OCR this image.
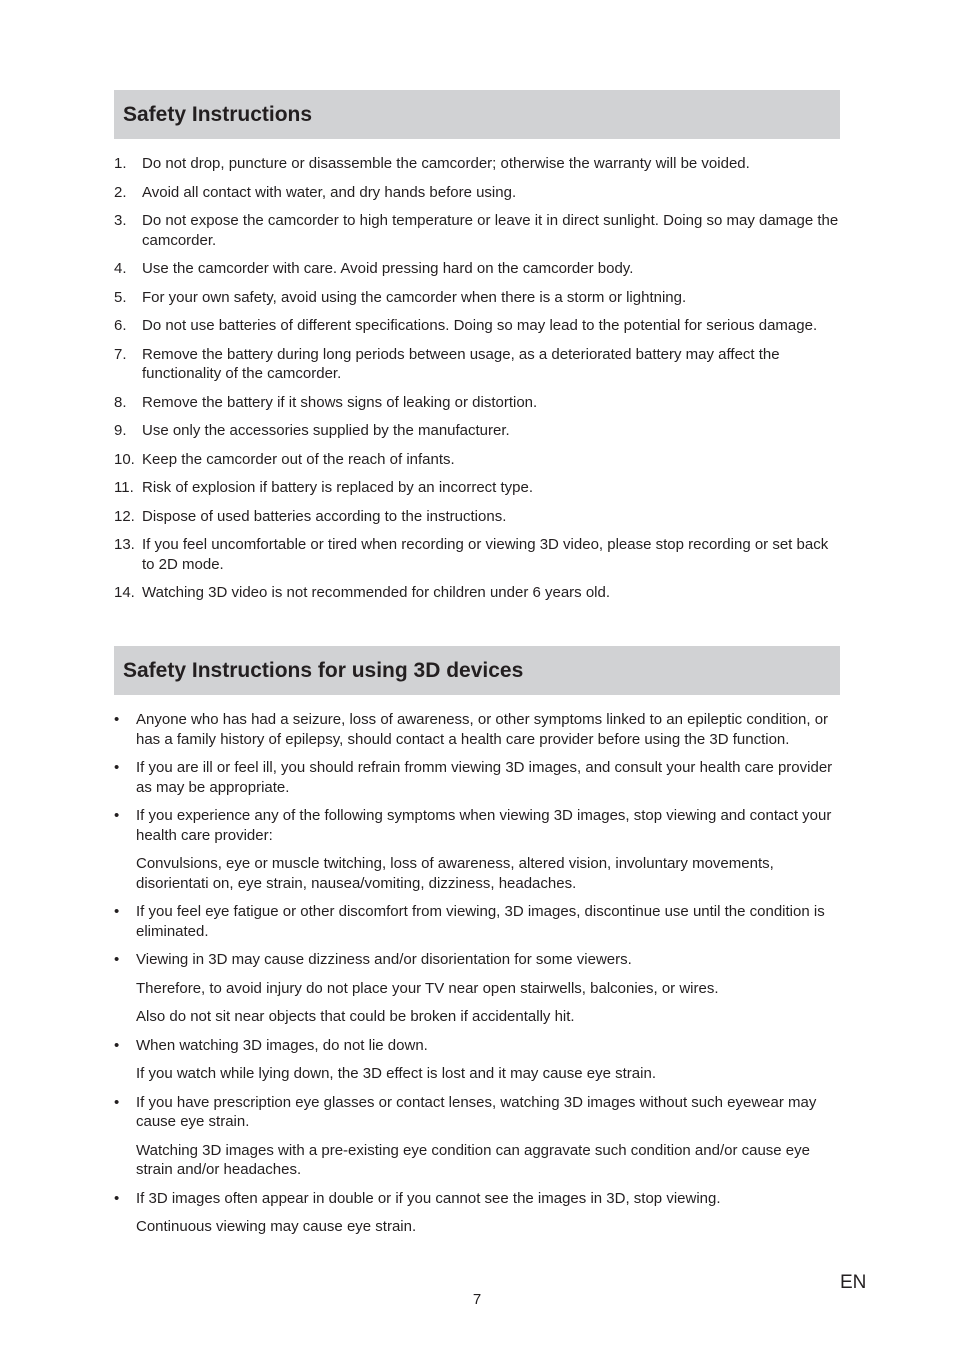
Safety Instructions
1. Do not drop, puncture or disassemble the camcorder; otherwise the warranty will be voided.
2. Avoid all contact with water, and dry hands before using.
3. Do not expose the camcorder to high temperature or leave it in direct sunlight. Doing so may damage the camcorder.
4. Use the camcorder with care. Avoid pressing hard on the camcorder body.
5. For your own safety, avoid using the camcorder when there is a storm or lightning.
6. Do not use batteries of different specifications. Doing so may lead to the potential for serious damage.
7. Remove the battery during long periods between usage, as a deteriorated battery may affect the functionality of the camcorder.
8. Remove the battery if it shows signs of leaking or distortion.
9. Use only the accessories supplied by the manufacturer.
10. Keep the camcorder out of the reach of infants.
11. Risk of explosion if battery is replaced by an incorrect type.
12. Dispose of used batteries according to the instructions.
13. If you feel uncomfortable or tired when recording or viewing 3D video, please stop recording or set back to 2D mode.
14. Watching 3D video is not recommended for children under 6 years old.
Safety Instructions for using 3D devices
• Anyone who has had a seizure, loss of awareness, or other symptoms linked to an epileptic condition, or has a family history of epilepsy, should contact a health care provider before using the 3D function.
• If you are ill or feel ill, you should refrain fromm viewing 3D images, and consult your health care provider as may be appropriate.
• If you experience any of the following symptoms when viewing 3D images, stop viewing and contact your health care provider:
Convulsions, eye or muscle twitching, loss of awareness, altered vision, involuntary movements, disorientati on, eye strain, nausea/vomiting, dizziness, headaches.
• If you feel eye fatigue or other discomfort from viewing, 3D images, discontinue use until the condition is eliminated.
• Viewing in 3D may cause dizziness and/or disorientation for some viewers.
Therefore, to avoid injury do not place your TV near open stairwells, balconies, or wires.
Also do not sit near objects that could be broken if accidentally hit.
• When watching 3D images, do not lie down.
If you watch while lying down, the 3D effect is lost and it may cause eye strain.
• If you have prescription eye glasses or contact lenses, watching 3D images without such eyewear may cause eye strain.
Watching 3D images with a pre-existing eye condition can aggravate such condition and/or cause eye strain and/or headaches.
• If 3D images often appear in double or if you cannot see the images in 3D, stop viewing.
Continuous viewing may cause eye strain.
7
EN
